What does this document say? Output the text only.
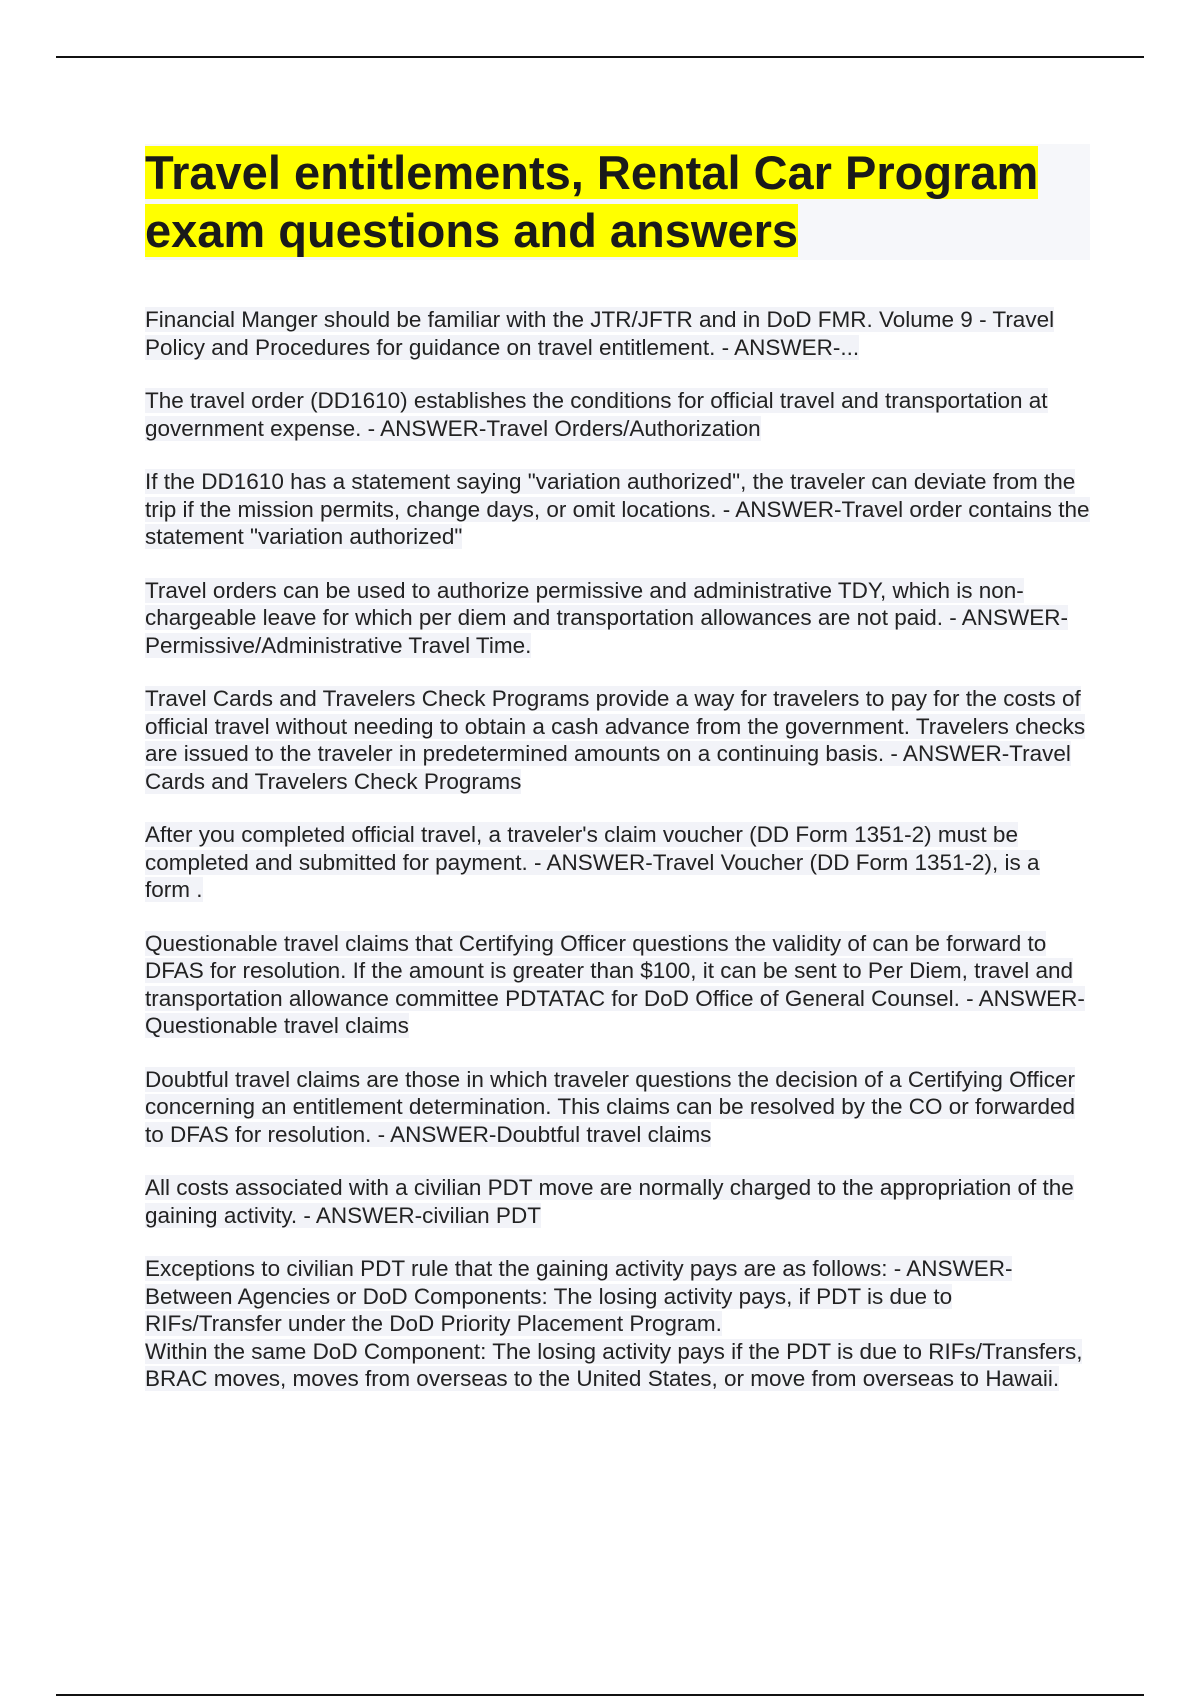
Travel entitlements, Rental Car Program exam questions and answers

Financial Manger should be familiar with the JTR/JFTR and in DoD FMR. Volume 9 - Travel Policy and Procedures for guidance on travel entitlement. - ANSWER-...

The travel order (DD1610) establishes the conditions for official travel and transportation at government expense. - ANSWER-Travel Orders/Authorization

If the DD1610 has a statement saying "variation authorized", the traveler can deviate from the trip if the mission permits, change days, or omit locations. - ANSWER-Travel order contains the statement "variation authorized"

Travel orders can be used to authorize permissive and administrative TDY, which is non-chargeable leave for which per diem and transportation allowances are not paid. - ANSWER-Permissive/Administrative Travel Time.

Travel Cards and Travelers Check Programs provide a way for travelers to pay for the costs of official travel without needing to obtain a cash advance from the government. Travelers checks are issued to the traveler in predetermined amounts on a continuing basis. - ANSWER-Travel Cards and Travelers Check Programs

After you completed official travel, a traveler's claim voucher (DD Form 1351-2) must be completed and submitted for payment. - ANSWER-Travel Voucher (DD Form 1351-2), is a form .

Questionable travel claims that Certifying Officer questions the validity of can be forward to DFAS for resolution. If the amount is greater than $100, it can be sent to Per Diem, travel and transportation allowance committee PDTATAC for DoD Office of General Counsel. - ANSWER-Questionable travel claims

Doubtful travel claims are those in which traveler questions the decision of a Certifying Officer concerning an entitlement determination. This claims can be resolved by the CO or forwarded to DFAS for resolution. - ANSWER-Doubtful travel claims

All costs associated with a civilian PDT move are normally charged to the appropriation of the gaining activity. - ANSWER-civilian PDT

Exceptions to civilian PDT rule that the gaining activity pays are as follows: - ANSWER-Between Agencies or DoD Components: The losing activity pays, if PDT is due to RIFs/Transfer under the DoD Priority Placement Program.
Within the same DoD Component: The losing activity pays if the PDT is due to RIFs/Transfers, BRAC moves, moves from overseas to the United States, or move from overseas to Hawaii.
